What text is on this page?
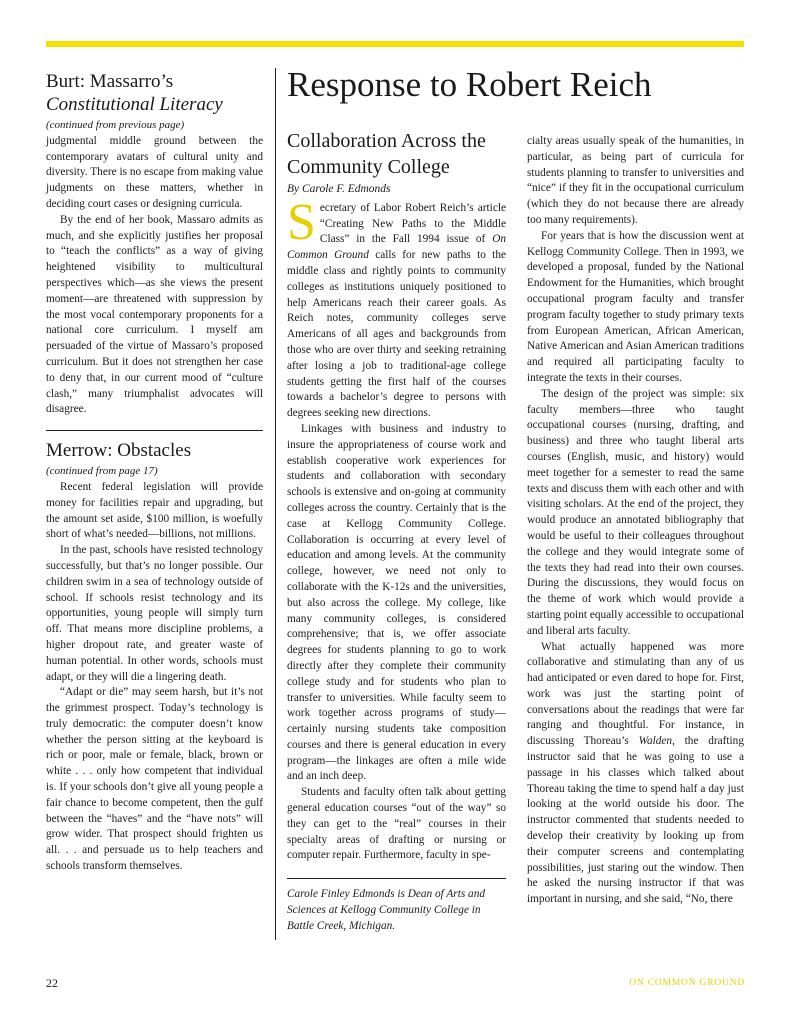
Burt: Massarro’s
Constitutional Literacy

(continued from previous page)

judgmental middle ground between the contemporary avatars of cultural unity and diversity. There is no escape from making value judgments on these matters, whether in deciding court cases or designing curricula.

By the end of her book, Massaro admits as much, and she explicitly justifies her proposal to “teach the conflicts” as a way of giving heightened visibility to multicultural perspectives which—as she views the present moment—are threatened with suppression by the most vocal contemporary proponents for a national core curriculum. I myself am persuaded of the virtue of Massaro’s proposed curriculum. But it does not strengthen her case to deny that, in our current mood of “culture clash,” many triumphalist advocates will disagree.

Merrow: Obstacles

(continued from page 17)

Recent federal legislation will provide money for facilities repair and upgrading, but the amount set aside, $100 million, is woefully short of what’s needed—billions, not millions.

In the past, schools have resisted technology successfully, but that’s no longer possible. Our children swim in a sea of technology outside of school. If schools resist technology and its opportunities, young people will simply turn off. That means more discipline problems, a higher dropout rate, and greater waste of human potential. In other words, schools must adapt, or they will die a lingering death.

“Adapt or die” may seem harsh, but it’s not the grimmest prospect. Today’s technology is truly democratic: the computer doesn’t know whether the person sitting at the keyboard is rich or poor, male or female, black, brown or white . . . only how competent that individual is. If your schools don’t give all young people a fair chance to become competent, then the gulf between the “haves” and the “have nots” will grow wider. That prospect should frighten us all. . . and persuade us to help teachers and schools transform themselves.

Response to Robert Reich
Collaboration Across the Community College
By Carole F. Edmonds

Secretary of Labor Robert Reich’s article “Creating New Paths to the Middle Class” in the Fall 1994 issue of On Common Ground calls for new paths to the middle class and rightly points to community colleges as institutions uniquely positioned to help Americans reach their career goals. As Reich notes, community colleges serve Americans of all ages and backgrounds from those who are over thirty and seeking retraining after losing a job to traditional-age college students getting the first half of the courses towards a bachelor’s degree to persons with degrees seeking new directions.

Linkages with business and industry to insure the appropriateness of course work and establish cooperative work experiences for students and collaboration with secondary schools is extensive and on-going at community colleges across the country. Certainly that is the case at Kellogg Community College. Collaboration is occurring at every level of education and among levels. At the community college, however, we need not only to collaborate with the K-12s and the universities, but also across the college. My college, like many community colleges, is considered comprehensive; that is, we offer associate degrees for students planning to go to work directly after they complete their community college study and for students who plan to transfer to universities. While faculty seem to work together across programs of study—certainly nursing students take composition courses and there is general education in every program—the linkages are often a mile wide and an inch deep.

Students and faculty often talk about getting general education courses “out of the way” so they can get to the “real” courses in their specialty areas of drafting or nursing or computer repair. Furthermore, faculty in spe-

Carole Finley Edmonds is Dean of Arts and Sciences at Kellogg Community College in Battle Creek, Michigan.

cialty areas usually speak of the humanities, in particular, as being part of curricula for students planning to transfer to universities and “nice” if they fit in the occupational curriculum (which they do not because there are already too many requirements).

For years that is how the discussion went at Kellogg Community College. Then in 1993, we developed a proposal, funded by the National Endowment for the Humanities, which brought occupational program faculty and transfer program faculty together to study primary texts from European American, African American, Native American and Asian American traditions and required all participating faculty to integrate the texts in their courses.

The design of the project was simple: six faculty members—three who taught occupational courses (nursing, drafting, and business) and three who taught liberal arts courses (English, music, and history) would meet together for a semester to read the same texts and discuss them with each other and with visiting scholars. At the end of the project, they would produce an annotated bibliography that would be useful to their colleagues throughout the college and they would integrate some of the texts they had read into their own courses. During the discussions, they would focus on the theme of work which would provide a starting point equally accessible to occupational and liberal arts faculty.

What actually happened was more collaborative and stimulating than any of us had anticipated or even dared to hope for. First, work was just the starting point of conversations about the readings that were far ranging and thoughtful. For instance, in discussing Thoreau’s Walden, the drafting instructor said that he was going to use a passage in his classes which talked about Thoreau taking the time to spend half a day just looking at the world outside his door. The instructor commented that students needed to develop their creativity by looking up from their computer screens and contemplating possibilities, just staring out the window. Then he asked the nursing instructor if that was important in nursing, and she said, “No, there

22	ON COMMON GROUND
